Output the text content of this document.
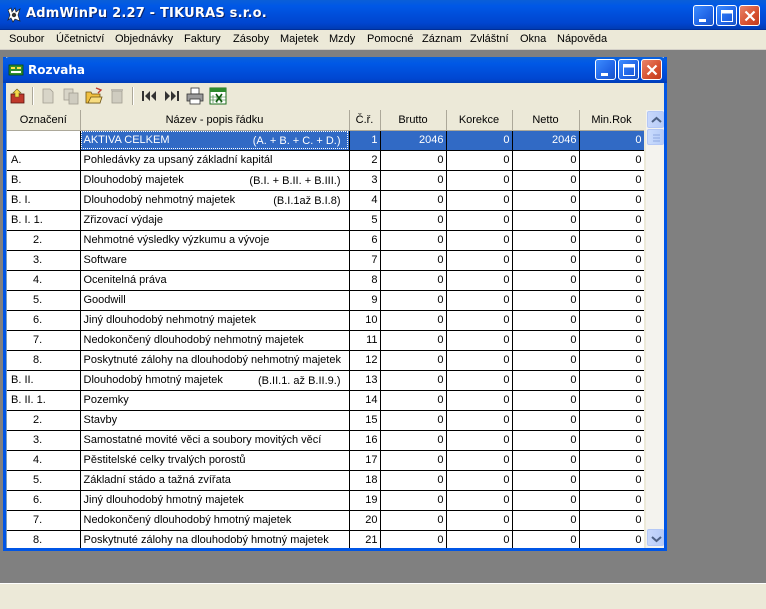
AdmWinPu 2.27 - TIKURAS s.r.o.
Soubor Účetnictví Objednávky Faktury Zásoby Majetek Mzdy Pomocné Záznam Zvláštní Okna Nápověda
Rozvaha
Označení	Název - popis řádku	Č.ř.	Brutto	Korekce	Netto	Min.Rok
	AKTIVA CELKEM (A. + B. + C. + D.)	1	2046	0	2046	0
A.	Pohledávky za upsaný základní kapitál	2	0	0	0	0
B.	Dlouhodobý majetek (B.I. + B.II. + B.III.)	3	0	0	0	0
B. I.	Dlouhodobý nehmotný majetek (B.I.1až B.I.8)	4	0	0	0	0
B. I. 1.	Zřizovací výdaje	5	0	0	0	0
2.	Nehmotné výsledky výzkumu a vývoje	6	0	0	0	0
3.	Software	7	0	0	0	0
4.	Ocenitelná práva	8	0	0	0	0
5.	Goodwill	9	0	0	0	0
6.	Jiný dlouhodobý nehmotný majetek	10	0	0	0	0
7.	Nedokončený dlouhodobý nehmotný majetek	11	0	0	0	0
8.	Poskytnuté zálohy na dlouhodobý nehmotný majetek	12	0	0	0	0
B. II.	Dlouhodobý hmotný majetek (B.II.1. až B.II.9.)	13	0	0	0	0
B. II. 1.	Pozemky	14	0	0	0	0
2.	Stavby	15	0	0	0	0
3.	Samostatné movité věci a soubory movitých věcí	16	0	0	0	0
4.	Pěstitelské celky trvalých porostů	17	0	0	0	0
5.	Základní stádo a tažná zvířata	18	0	0	0	0
6.	Jiný dlouhodobý hmotný majetek	19	0	0	0	0
7.	Nedokončený dlouhodobý hmotný majetek	20	0	0	0	0
8.	Poskytnuté zálohy na dlouhodobý hmotný majetek	21	0	0	0	0
